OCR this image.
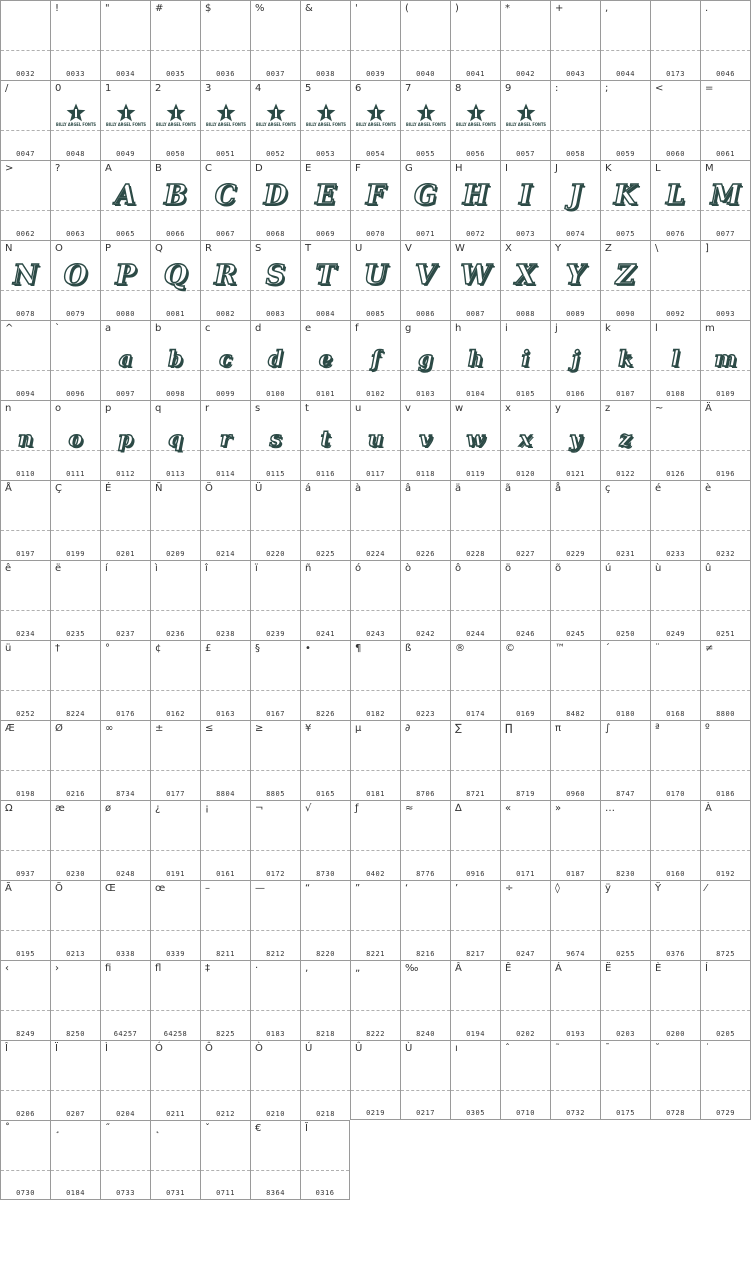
0032
!
0033
"
0034
#
0035
$
0036
%
0037
&
0038
'
0039
(
0040
)
0041
*
0042
+
0043
,
0044	0173
.
0046
/
0047
0
BILLY ARGEL FONTS
0048
1
BILLY ARGEL FONTS
0049
2
BILLY ARGEL FONTS
0050
3
BILLY ARGEL FONTS
0051
4
BILLY ARGEL FONTS
0052
5
BILLY ARGEL FONTS
0053
6
BILLY ARGEL FONTS
0054
7
BILLY ARGEL FONTS
0055
8
BILLY ARGEL FONTS
0056
9
BILLY ARGEL FONTS
0057
:
0058
;
0059
<
0060
=
0061
>
0062
?
0063
A
A
0065
B
B
0066
C
C
0067
D
D
0068
E
E
0069
F
F
0070
G
G
0071
H
H
0072
I
I
0073
J
J
0074
K
K
0075
L
L
0076
M
M
0077
N
N
0078
O
O
0079
P
P
0080
Q
Q
0081
R
R
0082
S
S
0083
T
T
0084
U
U
0085
V
V
0086
W
W
0087
X
X
0088
Y
Y
0089
Z
Z
0090
\
0092
]
0093
^
0094
`
0096
a
a
0097
b
b
0098
c
c
0099
d
d
0100
e
e
0101
f
f
0102
g
g
0103
h
h
0104
i
i
0105
j
j
0106
k
k
0107
l
l
0108
m
m
0109
n
n
0110
o
o
0111
p
p
0112
q
q
0113
r
r
0114
s
s
0115
t
t
0116
u
u
0117
v
v
0118
w
w
0119
x
x
0120
y
y
0121
z
z
0122
~
0126
Ä
0196
Å
0197
Ç
0199
É
0201
Ñ
0209
Ö
0214
Ü
0220
á
0225
à
0224
â
0226
ä
0228
ã
0227
å
0229
ç
0231
é
0233
è
0232
ê
0234
ë
0235
í
0237
ì
0236
î
0238
ï
0239
ñ
0241
ó
0243
ò
0242
ô
0244
ö
0246
õ
0245
ú
0250
ù
0249
û
0251
ü
0252
†
8224
°
0176
¢
0162
£
0163
§
0167
•
8226
¶
0182
ß
0223
®
0174
©
0169
™
8482
´
0180
¨
0168
≠
8800
Æ
0198
Ø
0216
∞
8734
±
0177
≤
8804
≥
8805
¥
0165
µ
0181
∂
8706
∑
8721
∏
8719
π
0960
∫
8747
ª
0170
º
0186
Ω
0937
æ
0230
ø
0248
¿
0191
¡
0161
¬
0172
√
8730
ƒ
0402
≈
8776
∆
0916
«
0171
»
0187
…
8230	0160
À
0192
Ã
0195
Õ
0213
Œ
0338
œ
0339
–
8211
—
8212
“
8220
”
8221
‘
8216
’
8217
÷
0247
◊
9674
ÿ
0255
Ÿ
0376
⁄
8725
‹
8249
›
8250
ﬁ
64257
ﬂ
64258
‡
8225
·
0183
‚
8218
„
8222
‰
8240
Â
0194
Ê
0202
Á
0193
Ë
0203
È
0200
Í
0205
Î
0206
Ï
0207
Ì
0204
Ó
0211
Ô
0212
Ò
0210
Ú
0218
Û
0219
Ù
0217
ı
0305
ˆ
0710
˜
0732
¯
0175
˘
0728
˙
0729
˚
0730
¸
0184
˝
0733
˛
0731
ˇ
0711
€
8364
Ĭ
0316
